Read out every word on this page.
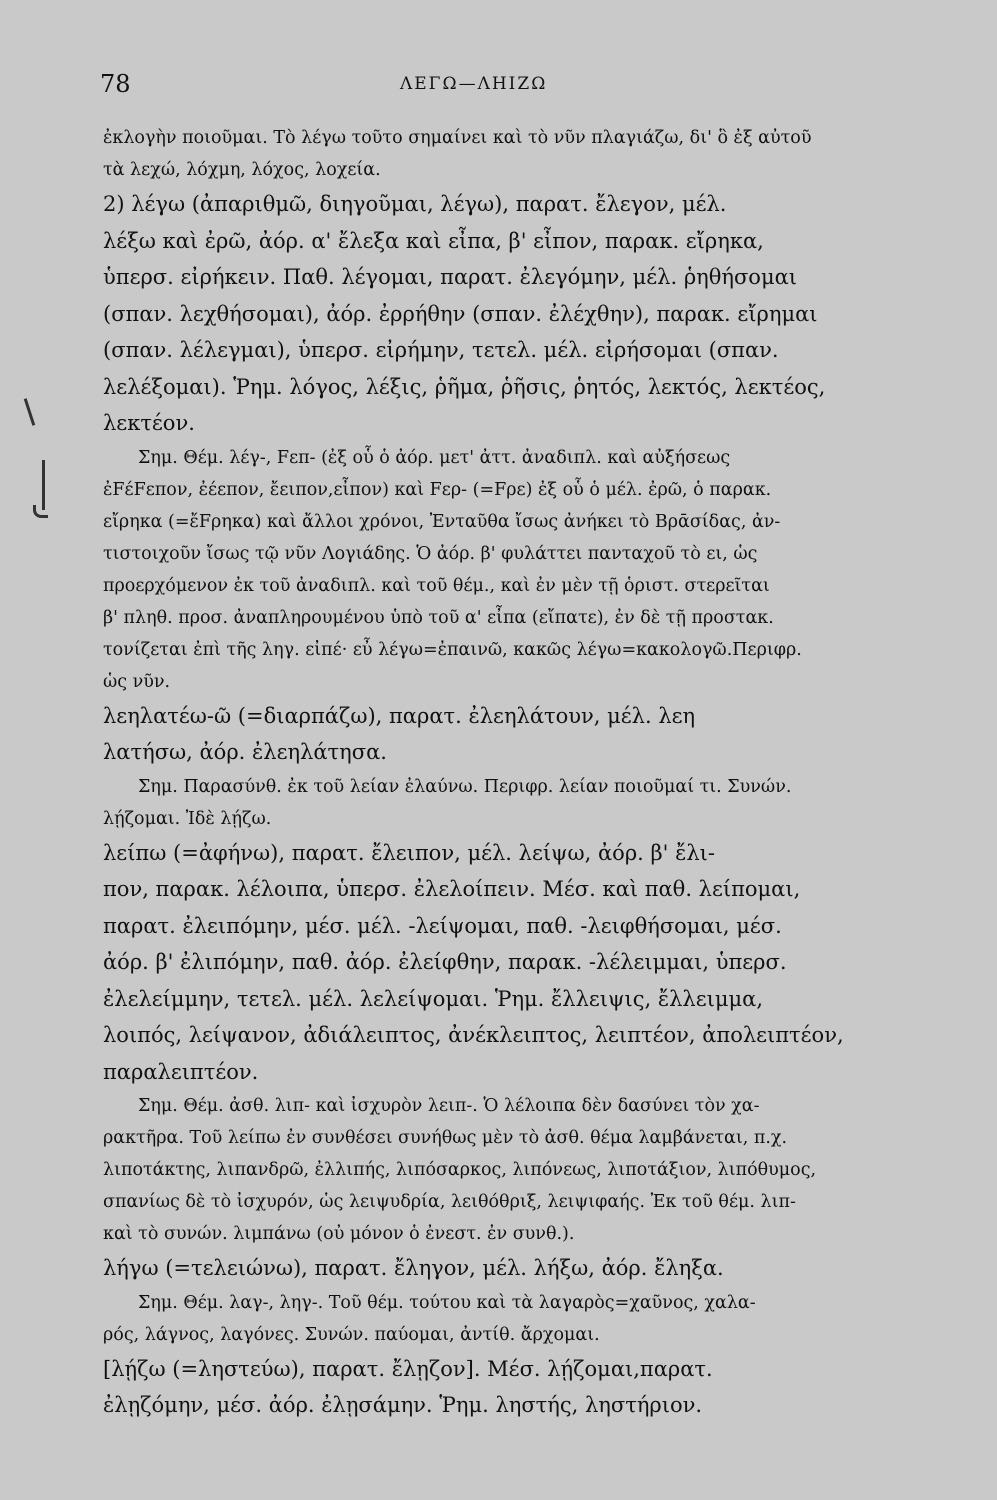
78	ΛΕΓΩ—ΛΗΙΖΩ
ἐκλογὴν ποιοῦμαι. Τὸ λέγω τοῦτο σημαίνει καὶ τὸ νῦν πλαγιάζω, δι' ὃ ἐξ αὐτοῦ
τὰ λεχώ, λόχμη, λόχος, λοχεία.
2) λέγω (ἀπαριθμῶ, διηγοῦμαι, λέγω), παρατ. ἔλεγον, μέλ.
λέξω καὶ ἐρῶ, ἀόρ. α' ἔλεξα καὶ εἶπα, β' εἶπον, παρακ. εἴρηκα,
ὑπερσ. εἰρήκειν. Παθ. λέγομαι, παρατ. ἐλεγόμην, μέλ. ῥηθήσομαι
(σπαν. λεχθήσομαι), ἀόρ. ἐρρήθην (σπαν. ἐλέχθην), παρακ. εἴρημαι
(σπαν. λέλεγμαι), ὑπερσ. εἰρήμην, τετελ. μέλ. εἰρήσομαι (σπαν.
λελέξομαι). Ῥημ. λόγος, λέξις, ῥῆμα, ῥῆσις, ῥητός, λεκτός, λεκτέος,
λεκτέον.
Σημ. Θέμ. λέγ-, Fεπ- (ἐξ οὗ ὁ ἀόρ. μετ' ἀττ. ἀναδιπλ. καὶ αὐξήσεως
ἐFέFεπον, ἐέεπον, ἔειπον,εἶπον) καὶ Fερ- (=Fρε) ἐξ οὗ ὁ μέλ. ἐρῶ, ὁ παρακ.
εἴρηκα (=ἔFρηκα) καὶ ἄλλοι χρόνοι, Ἐνταῦθα ἴσως ἀνήκει τὸ Βρᾱσίδας, ἀν-
τιστοιχοῦν ἴσως τῷ νῦν Λογιάδης. Ὁ ἀόρ. β' φυλάττει πανταχοῦ τὸ ει, ὡς
προερχόμενον ἐκ τοῦ ἀναδιπλ. καὶ τοῦ θέμ., καὶ ἐν μὲν τῇ ὁριστ. στερεῖται
β' πληθ. προσ. ἀναπληρουμένου ὑπὸ τοῦ α' εἶπα (εἴπατε), ἐν δὲ τῇ προστακ.
τονίζεται ἐπὶ τῆς ληγ. εἰπέ· εὖ λέγω=ἐπαινῶ, κακῶς λέγω=κακολογῶ.Περιφρ.
ὡς νῦν.
λεηλατέω-ῶ (=διαρπάζω), παρατ. ἐλεηλάτουν, μέλ. λεη
λατήσω, ἀόρ. ἐλεηλάτησα.
Σημ. Παρασύνθ. ἐκ τοῦ λείαν ἐλαύνω. Περιφρ. λείαν ποιοῦμαί τι. Συνών.
λῄζομαι. Ἰδὲ λῄζω.
λείπω (=ἀφήνω), παρατ. ἔλειπον, μέλ. λείψω, ἀόρ. β' ἔλι-
πον, παρακ. λέλοιπα, ὑπερσ. ἐλελοίπειν. Μέσ. καὶ παθ. λείπομαι,
παρατ. ἐλειπόμην, μέσ. μέλ. -λείψομαι, παθ. -λειφθήσομαι, μέσ.
ἀόρ. β' ἐλιπόμην, παθ. ἀόρ. ἐλείφθην, παρακ. -λέλειμμαι, ὑπερσ.
ἐλελείμμην, τετελ. μέλ. λελείψομαι. Ῥημ. ἔλλειψις, ἔλλειμμα,
λοιπός, λείψανον, ἀδιάλειπτος, ἀνέκλειπτος, λειπτέον, ἀπολειπτέον,
παραλειπτέον.
Σημ. Θέμ. ἀσθ. λιπ- καὶ ἰσχυρὸν λειπ-. Ὁ λέλοιπα δὲν δασύνει τὸν χα-
ρακτῆρα. Τοῦ λείπω ἐν συνθέσει συνήθως μὲν τὸ ἀσθ. θέμα λαμβάνεται, π.χ.
λιποτάκτης, λιπανδρῶ, ἐλλιπής, λιπόσαρκος, λιπόνεως, λιποτάξιον, λιπόθυμος,
σπανίως δὲ τὸ ἰσχυρόν, ὡς λειψυδρία, λειθόθριξ, λειψιφαής. Ἐκ τοῦ θέμ. λιπ-
καὶ τὸ συνών. λιμπάνω (οὐ μόνον ὁ ἐνεστ. ἐν συνθ.).
λήγω (=τελειώνω), παρατ. ἔληγον, μέλ. λήξω, ἀόρ. ἔληξα.
Σημ. Θέμ. λαγ-, ληγ-. Τοῦ θέμ. τούτου καὶ τὰ λαγαρὸς=χαῦνος, χαλα-
ρός, λάγνος, λαγόνες. Συνών. παύομαι, ἀντίθ. ἄρχομαι.
[λῄζω (=ληστεύω), παρατ. ἔλῃζον]. Μέσ. λῄζομαι,παρατ.
ἐλῃζόμην, μέσ. ἀόρ. ἐλῃσάμην. Ῥημ. ληστής, ληστήριον.
